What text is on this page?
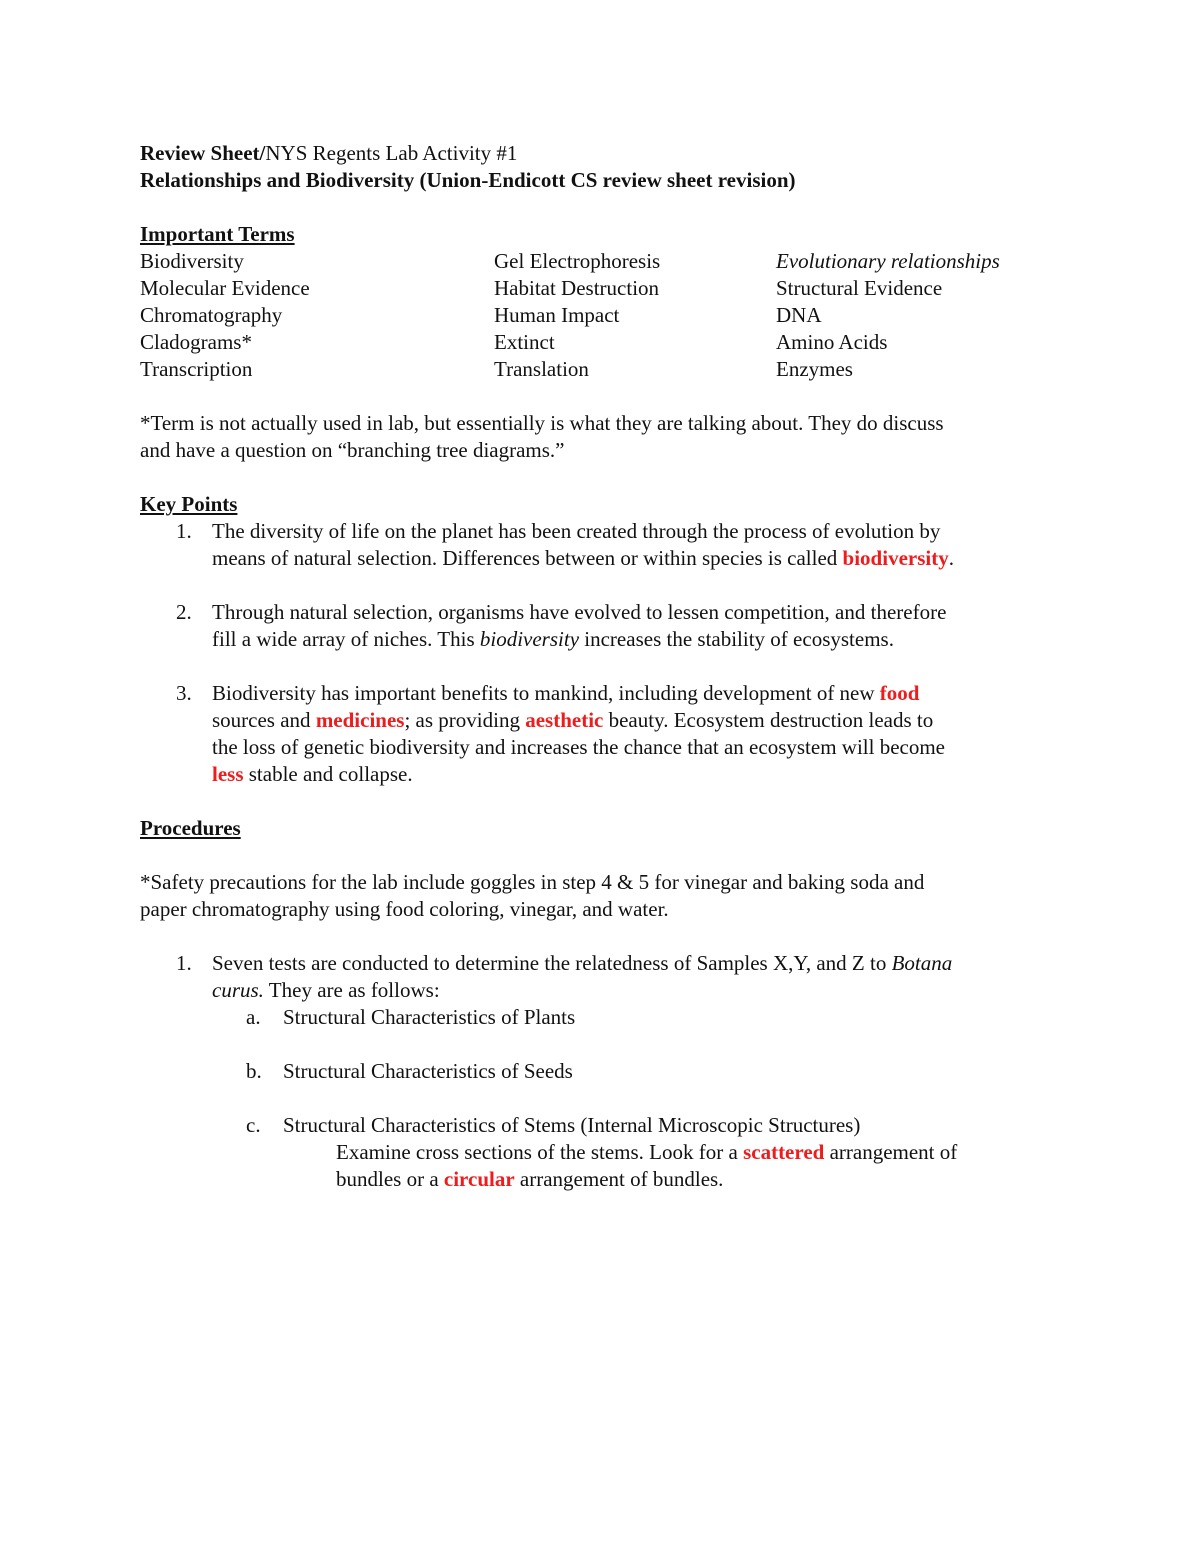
Review Sheet/NYS Regents Lab Activity #1
Relationships and Biodiversity (Union-Endicott CS review sheet revision)
Important Terms
Biodiversity
Molecular Evidence
Chromatography
Cladograms*
Transcription
Gel Electrophoresis
Habitat Destruction
Human Impact
Extinct
Translation
Evolutionary relationships
Structural Evidence
DNA
Amino Acids
Enzymes
*Term is not actually used in lab, but essentially is what they are talking about. They do discuss
and have a question on “branching tree diagrams.”
Key Points
1. The diversity of life on the planet has been created through the process of evolution by
means of natural selection. Differences between or within species is called biodiversity.
2. Through natural selection, organisms have evolved to lessen competition, and therefore
fill a wide array of niches. This biodiversity increases the stability of ecosystems.
3. Biodiversity has important benefits to mankind, including development of new food
sources and medicines; as providing aesthetic beauty. Ecosystem destruction leads to
the loss of genetic biodiversity and increases the chance that an ecosystem will become
less stable and collapse.
Procedures
*Safety precautions for the lab include goggles in step 4 & 5 for vinegar and baking soda and
paper chromatography using food coloring, vinegar, and water.
1. Seven tests are conducted to determine the relatedness of Samples X,Y, and Z to Botana
curus. They are as follows:
a. Structural Characteristics of Plants
b. Structural Characteristics of Seeds
c. Structural Characteristics of Stems (Internal Microscopic Structures)
Examine cross sections of the stems. Look for a scattered arrangement of
bundles or a circular arrangement of bundles.
